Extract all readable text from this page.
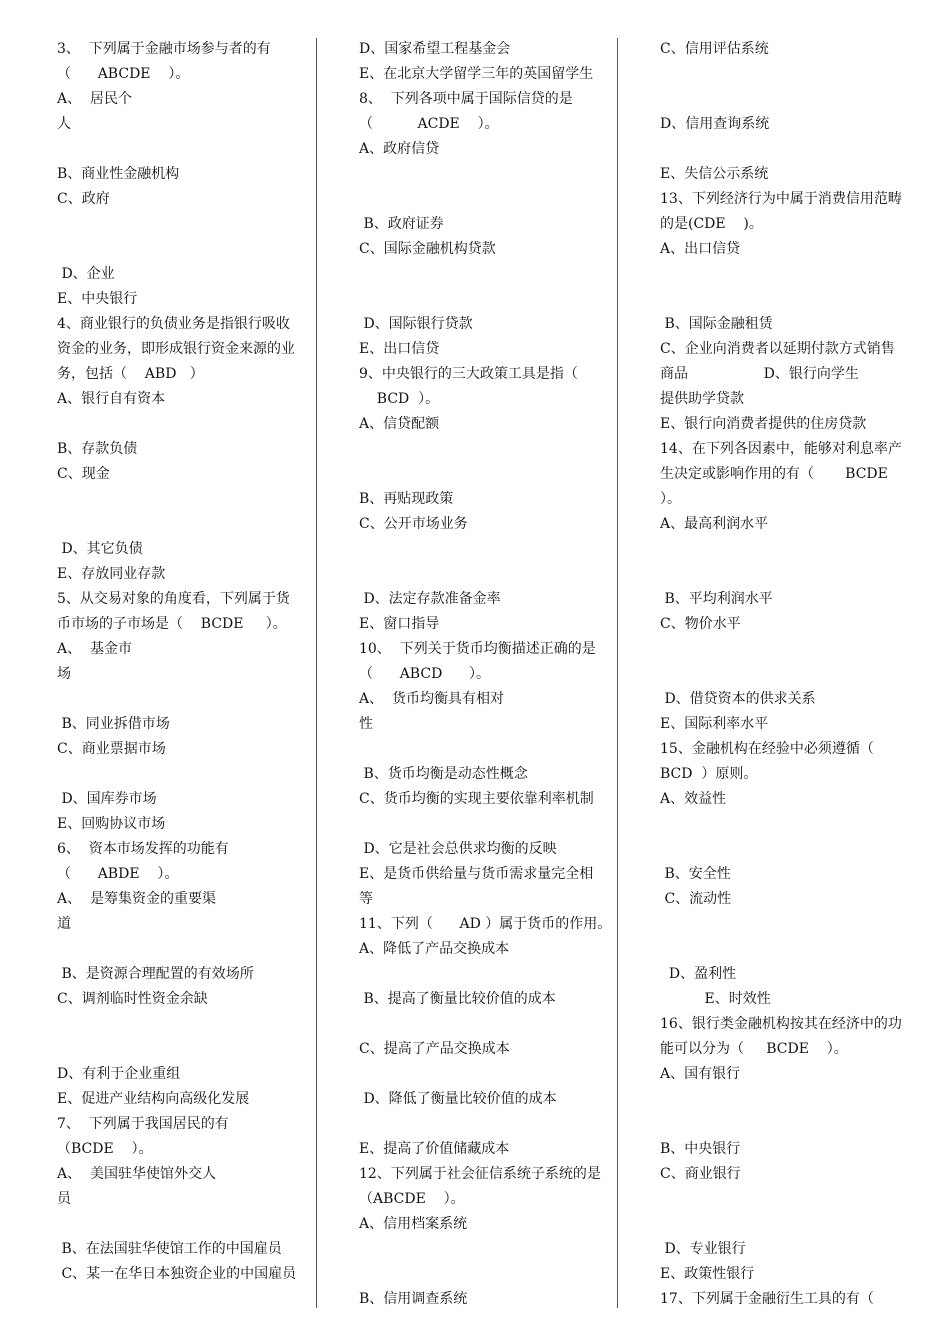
3、  下列属于金融市场参与者的有
（      ABCDE    ）。
A、  居民个
人
B、商业性金融机构
C、政府
D、企业
E、中央银行
4、商业银行的负债业务是指银行吸收
资金的业务，即形成银行资金来源的业
务，包括（    ABD   ）
A、银行自有资本
B、存款负债
C、现金
D、其它负债
E、存放同业存款
5、从交易对象的角度看，下列属于货
币市场的子市场是（    BCDE     ）。
A、  基金市
场
B、同业拆借市场
C、商业票据市场
D、国库券市场
E、回购协议市场
6、  资本市场发挥的功能有
（      ABDE    ）。
A、  是筹集资金的重要渠
道
B、是资源合理配置的有效场所
C、调剂临时性资金余缺
D、有利于企业重组
E、促进产业结构向高级化发展
7、  下列属于我国居民的有
（BCDE    ）。
A、  美国驻华使馆外交人
员
B、在法国驻华使馆工作的中国雇员
C、某一在华日本独资企业的中国雇员
D、国家希望工程基金会
E、在北京大学留学三年的英国留学生
8、  下列各项中属于国际信贷的是
（          ACDE    ）。
A、政府信贷
B、政府证券
C、国际金融机构贷款
D、国际银行贷款
E、出口信贷
9、中央银行的三大政策工具是指（
BCD  ）。
A、信贷配额
B、再贴现政策
C、公开市场业务
D、法定存款准备金率
E、窗口指导
10、  下列关于货币均衡描述正确的是
（      ABCD      ）。
A、  货币均衡具有相对
性
B、货币均衡是动态性概念
C、货币均衡的实现主要依靠利率机制
D、它是社会总供求均衡的反映
E、是货币供给量与货币需求量完全相
等
11、下列（      AD ）属于货币的作用。
A、降低了产品交换成本
B、提高了衡量比较价值的成本
C、提高了产品交换成本
D、降低了衡量比较价值的成本
E、提高了价值储藏成本
12、下列属于社会征信系统子系统的是
（ABCDE    ）。
A、信用档案系统
B、信用调查系统
C、信用评估系统
D、信用查询系统
E、失信公示系统
13、下列经济行为中属于消费信用范畴
的是(CDE    )。
A、出口信贷
B、国际金融租赁
C、企业向消费者以延期付款方式销售
商品                 D、银行向学生
提供助学贷款
E、银行向消费者提供的住房贷款
14、在下列各因素中，能够对利息率产
生决定或影响作用的有（       BCDE
）。
A、最高利润水平
B、平均利润水平
C、物价水平
D、借贷资本的供求关系
E、国际利率水平
15、金融机构在经验中必须遵循（
BCD  ）原则。
A、效益性
B、安全性
C、流动性
D、盈利性
E、时效性
16、银行类金融机构按其在经济中的功
能可以分为（     BCDE    ）。
A、国有银行
B、中央银行
C、商业银行
D、专业银行
E、政策性银行
17、下列属于金融衍生工具的有（
